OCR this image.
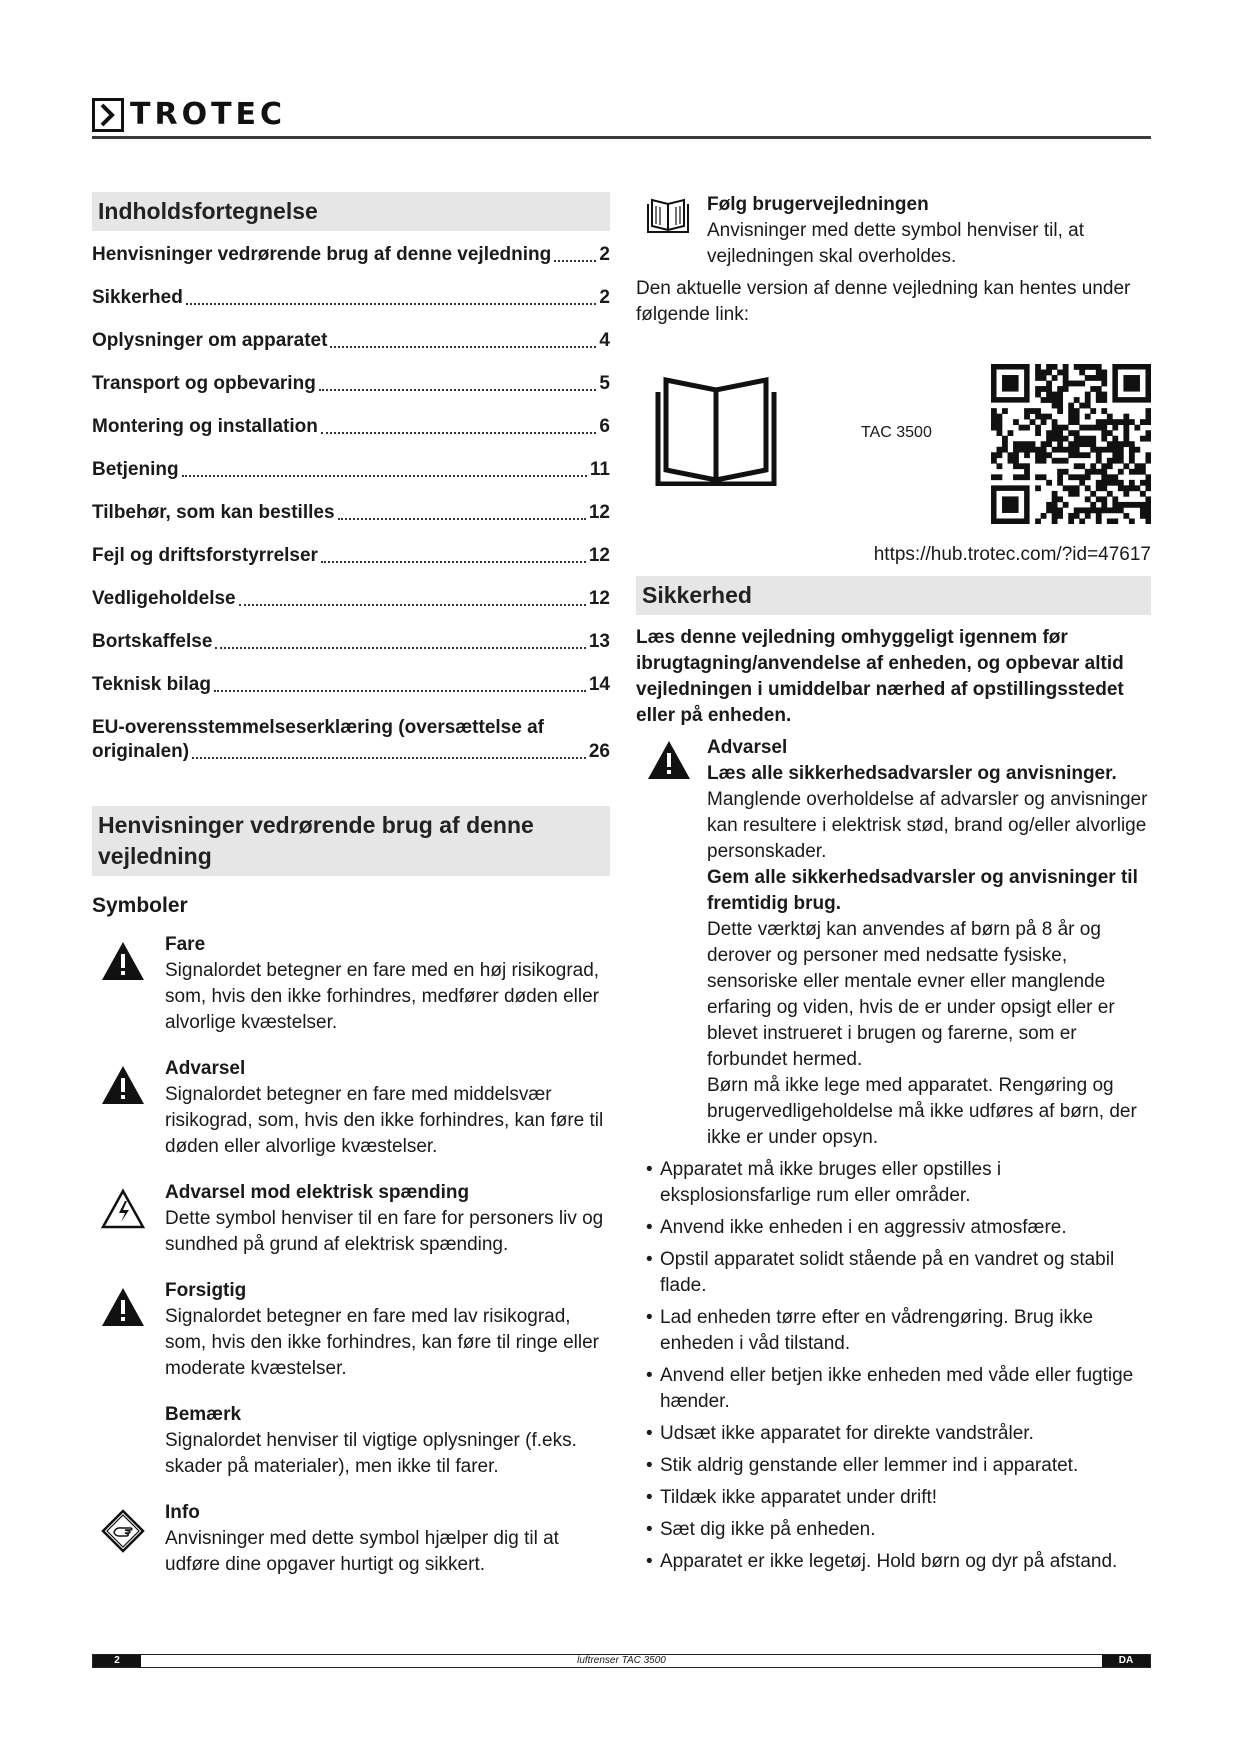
TROTEC
Indholdsfortegnelse
Henvisninger vedrørende brug af denne vejledning	2
Sikkerhed	2
Oplysninger om apparatet	4
Transport og opbevaring	5
Montering og installation	6
Betjening	11
Tilbehør, som kan bestilles	12
Fejl og driftsforstyrrelser	12
Vedligeholdelse	12
Bortskaffelse	13
Teknisk bilag	14
EU-overensstemmelseserklæring (oversættelse af
originalen)	26
Henvisninger vedrørende brug af denne vejledning
Symboler
Fare
Signalordet betegner en fare med en høj risikograd, som, hvis den ikke forhindres, medfører døden eller alvorlige kvæstelser.
Advarsel
Signalordet betegner en fare med middelsvær risikograd, som, hvis den ikke forhindres, kan føre til døden eller alvorlige kvæstelser.
Advarsel mod elektrisk spænding
Dette symbol henviser til en fare for personers liv og sundhed på grund af elektrisk spænding.
Forsigtig
Signalordet betegner en fare med lav risikograd, som, hvis den ikke forhindres, kan føre til ringe eller moderate kvæstelser.
Bemærk
Signalordet henviser til vigtige oplysninger (f.eks. skader på materialer), men ikke til farer.
Info
Anvisninger med dette symbol hjælper dig til at udføre dine opgaver hurtigt og sikkert.
Følg brugervejledningen
Anvisninger med dette symbol henviser til, at vejledningen skal overholdes.
Den aktuelle version af denne vejledning kan hentes under følgende link:
TAC 3500
https://hub.trotec.com/?id=47617
Sikkerhed
Læs denne vejledning omhyggeligt igennem før ibrugtagning/anvendelse af enheden, og opbevar altid vejledningen i umiddelbar nærhed af opstillingsstedet eller på enheden.
Advarsel
Læs alle sikkerhedsadvarsler og anvisninger.
Manglende overholdelse af advarsler og anvisninger kan resultere i elektrisk stød, brand og/eller alvorlige personskader.
Gem alle sikkerhedsadvarsler og anvisninger til fremtidig brug.
Dette værktøj kan anvendes af børn på 8 år og derover og personer med nedsatte fysiske, sensoriske eller mentale evner eller manglende erfaring og viden, hvis de er under opsigt eller er blevet instrueret i brugen og farerne, som er forbundet hermed.
Børn må ikke lege med apparatet. Rengøring og brugervedligeholdelse må ikke udføres af børn, der ikke er under opsyn.
• Apparatet må ikke bruges eller opstilles i eksplosionsfarlige rum eller områder.
• Anvend ikke enheden i en aggressiv atmosfære.
• Opstil apparatet solidt stående på en vandret og stabil flade.
• Lad enheden tørre efter en vådrengøring. Brug ikke enheden i våd tilstand.
• Anvend eller betjen ikke enheden med våde eller fugtige hænder.
• Udsæt ikke apparatet for direkte vandstråler.
• Stik aldrig genstande eller lemmer ind i apparatet.
• Tildæk ikke apparatet under drift!
• Sæt dig ikke på enheden.
• Apparatet er ikke legetøj. Hold børn og dyr på afstand.
2	luftrenser TAC 3500	DA
